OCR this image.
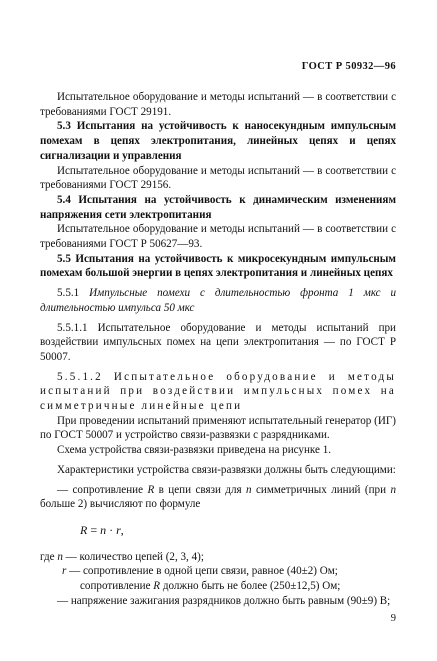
ГОСТ Р 50932—96

Испытательное оборудование и методы испытаний — в соответствии с требованиями ГОСТ 29191.

5.3 Испытания на устойчивость к наносекундным импульсным помехам в цепях электропитания, линейных цепях и цепях сигнализации и управления

Испытательное оборудование и методы испытаний — в соответствии с требованиями ГОСТ 29156.

5.4 Испытания на устойчивость к динамическим изменениям напряжения сети электропитания

Испытательное оборудование и методы испытаний — в соответствии с требованиями ГОСТ Р 50627—93.

5.5 Испытания на устойчивость к микросекундным импульсным помехам большой энергии в цепях электропитания и линейных цепях

5.5.1 Импульсные помехи с длительностью фронта 1 мкс и длительностью импульса 50 мкс

5.5.1.1 Испытательное оборудование и методы испытаний при воздействии импульсных помех на цепи электропитания — по ГОСТ Р 50007.

5.5.1.2 Испытательное оборудование и методы испытаний при воздействии импульсных помех на симметричные линейные цепи

При проведении испытаний применяют испытательный генератор (ИГ) по ГОСТ 50007 и устройство связи-развязки с разрядниками.

Схема устройства связи-развязки приведена на рисунке 1.

Характеристики устройства связи-развязки должны быть следующими:

— сопротивление R в цепи связи для n симметричных линий (при n больше 2) вычисляют по формуле

R = n · r,

где n — количество цепей (2, 3, 4);

r — сопротивление в одной цепи связи, равное (40±2) Ом;

сопротивление R должно быть не более (250±12,5) Ом;

— напряжение зажигания разрядников должно быть равным (90±9) В;

9
